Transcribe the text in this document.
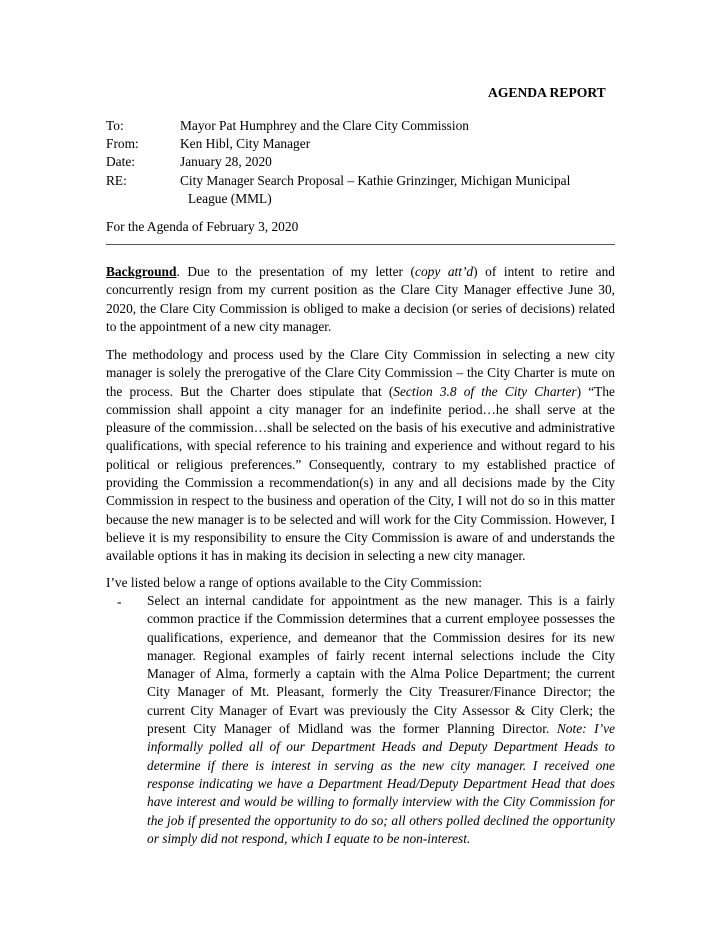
AGENDA REPORT
To:	Mayor Pat Humphrey and the Clare City Commission
From:	Ken Hibl, City Manager
Date:	January 28, 2020
RE:	City Manager Search Proposal – Kathie Grinzinger, Michigan Municipal
League (MML)
For the Agenda of February 3, 2020

Background. Due to the presentation of my letter (copy att’d) of intent to retire and concurrently resign from my current position as the Clare City Manager effective June 30, 2020, the Clare City Commission is obliged to make a decision (or series of decisions) related to the appointment of a new city manager.

The methodology and process used by the Clare City Commission in selecting a new city manager is solely the prerogative of the Clare City Commission – the City Charter is mute on the process. But the Charter does stipulate that (Section 3.8 of the City Charter) “The commission shall appoint a city manager for an indefinite period…he shall serve at the pleasure of the commission…shall be selected on the basis of his executive and administrative qualifications, with special reference to his training and experience and without regard to his political or religious preferences.” Consequently, contrary to my established practice of providing the Commission a recommendation(s) in any and all decisions made by the City Commission in respect to the business and operation of the City, I will not do so in this matter because the new manager is to be selected and will work for the City Commission. However, I believe it is my responsibility to ensure the City Commission is aware of and understands the available options it has in making its decision in selecting a new city manager.

I’ve listed below a range of options available to the City Commission:

- Select an internal candidate for appointment as the new manager. This is a fairly common practice if the Commission determines that a current employee possesses the qualifications, experience, and demeanor that the Commission desires for its new manager. Regional examples of fairly recent internal selections include the City Manager of Alma, formerly a captain with the Alma Police Department; the current City Manager of Mt. Pleasant, formerly the City Treasurer/Finance Director; the current City Manager of Evart was previously the City Assessor & City Clerk; the present City Manager of Midland was the former Planning Director. Note: I’ve informally polled all of our Department Heads and Deputy Department Heads to determine if there is interest in serving as the new city manager. I received one response indicating we have a Department Head/Deputy Department Head that does have interest and would be willing to formally interview with the City Commission for the job if presented the opportunity to do so; all others polled declined the opportunity or simply did not respond, which I equate to be non-interest.
